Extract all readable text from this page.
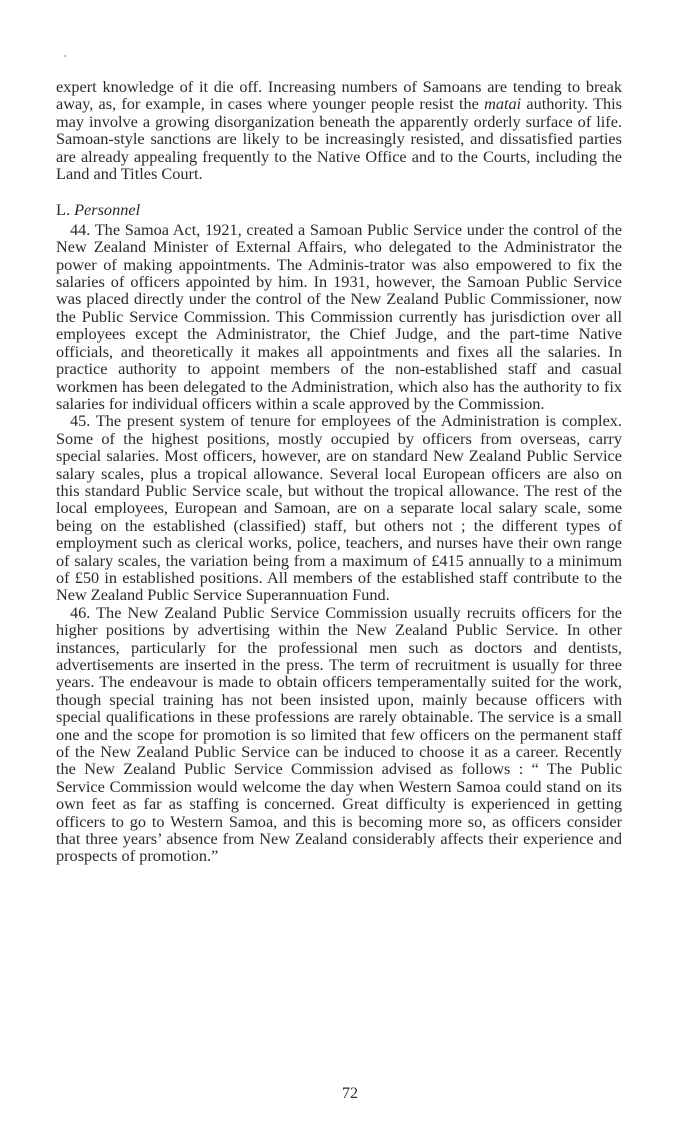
expert knowledge of it die off. Increasing numbers of Samoans are tending to break away, as, for example, in cases where younger people resist the matai authority. This may involve a growing disorganization beneath the apparently orderly surface of life. Samoan-style sanctions are likely to be increasingly resisted, and dissatisfied parties are already appealing frequently to the Native Office and to the Courts, including the Land and Titles Court.

L. Personnel

44. The Samoa Act, 1921, created a Samoan Public Service under the control of the New Zealand Minister of External Affairs, who delegated to the Administrator the power of making appointments. The Adminis-trator was also empowered to fix the salaries of officers appointed by him. In 1931, however, the Samoan Public Service was placed directly under the control of the New Zealand Public Commissioner, now the Public Service Commission. This Commission currently has jurisdiction over all employees except the Administrator, the Chief Judge, and the part-time Native officials, and theoretically it makes all appointments and fixes all the salaries. In practice authority to appoint members of the non-established staff and casual workmen has been delegated to the Administration, which also has the authority to fix salaries for individual officers within a scale approved by the Commission.

45. The present system of tenure for employees of the Administration is complex. Some of the highest positions, mostly occupied by officers from overseas, carry special salaries. Most officers, however, are on standard New Zealand Public Service salary scales, plus a tropical allowance. Several local European officers are also on this standard Public Service scale, but without the tropical allowance. The rest of the local employees, European and Samoan, are on a separate local salary scale, some being on the established (classified) staff, but others not ; the different types of employment such as clerical works, police, teachers, and nurses have their own range of salary scales, the variation being from a maximum of £415 annually to a minimum of £50 in established positions. All members of the established staff contribute to the New Zealand Public Service Superannuation Fund.

46. The New Zealand Public Service Commission usually recruits officers for the higher positions by advertising within the New Zealand Public Service. In other instances, particularly for the professional men such as doctors and dentists, advertisements are inserted in the press. The term of recruitment is usually for three years. The endeavour is made to obtain officers temperamentally suited for the work, though special training has not been insisted upon, mainly because officers with special qualifications in these professions are rarely obtainable. The service is a small one and the scope for promotion is so limited that few officers on the permanent staff of the New Zealand Public Service can be induced to choose it as a career. Recently the New Zealand Public Service Commission advised as follows : “ The Public Service Commission would welcome the day when Western Samoa could stand on its own feet as far as staffing is concerned. Great difficulty is experienced in getting officers to go to Western Samoa, and this is becoming more so, as officers consider that three years’ absence from New Zealand considerably affects their experience and prospects of promotion.”

72
